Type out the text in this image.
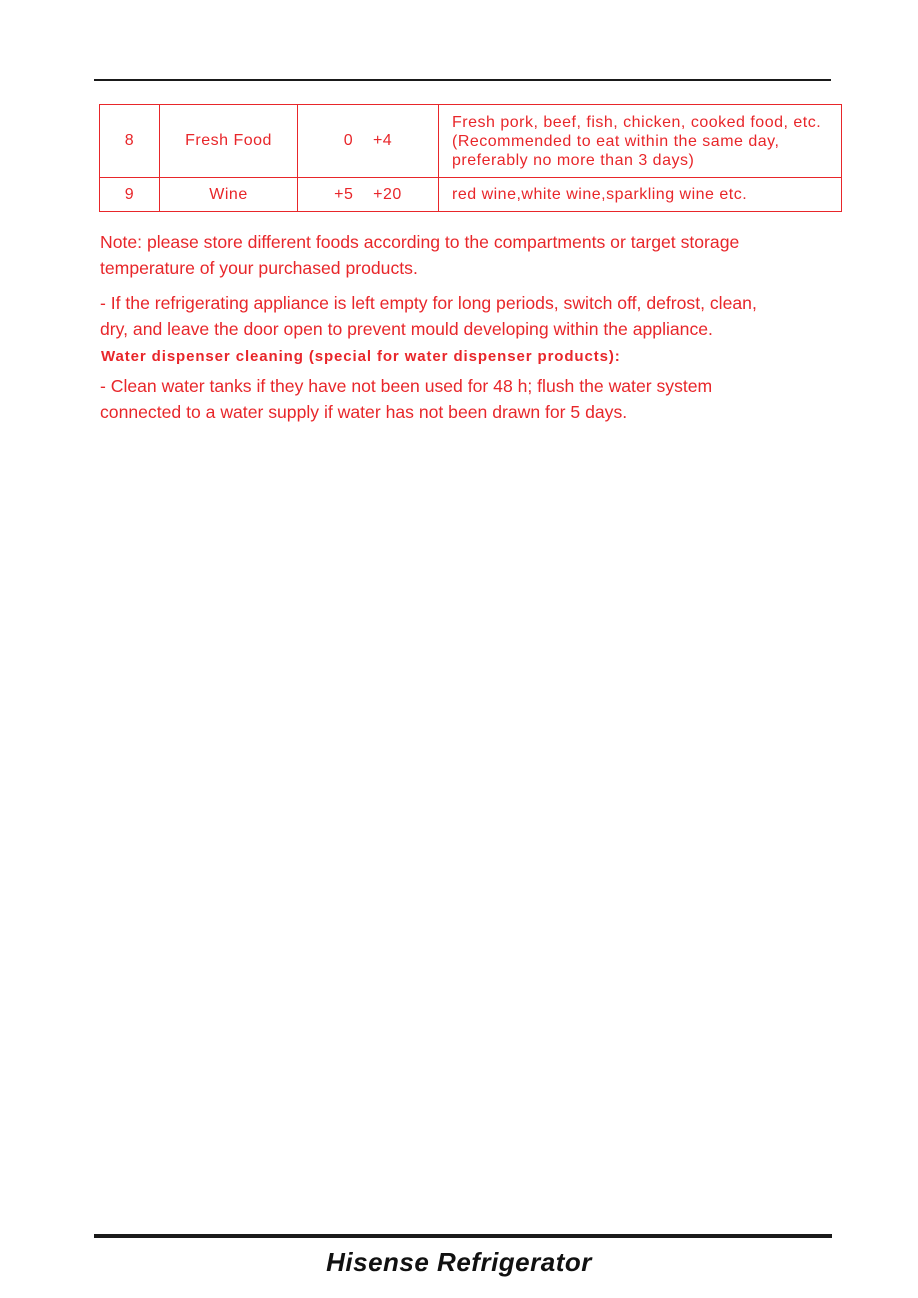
8	Fresh Food	0    +4	Fresh pork, beef, fish, chicken, cooked food, etc.
(Recommended to eat within the same day,
preferably no more than 3 days)

9	Wine	+5    +20	red wine,white wine,sparkling wine etc.
Note: please store different foods according to the compartments or target storage
temperature of your purchased products.
- If the refrigerating appliance is left empty for long periods, switch off, defrost, clean,
dry, and leave the door open to prevent mould developing within the appliance.
Water dispenser cleaning (special for water dispenser products):
- Clean water tanks if they have not been used for 48 h; flush the water system
connected to a water supply if water has not been drawn for 5 days.
Hisense Refrigerator
